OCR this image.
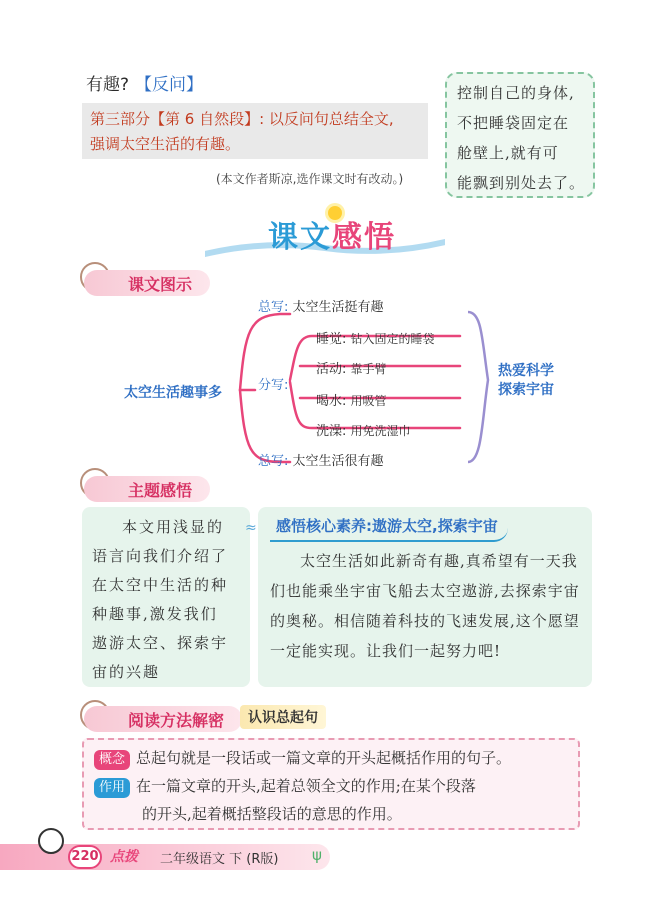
有趣? 【反问】
第三部分【第 6 自然段】: 以反问句总结全文,
强调太空生活的有趣。
(本文作者斯凉,选作课文时有改动。)
控制自己的身体,
不把睡袋固定在
舱壁上,就有可
能飘到别处去了。
课文感悟
课文图示
太空生活趣事多
总写: 太空生活挺有趣
分写:
睡觉: 钻入固定的睡袋
活动: 靠手臂
喝水: 用吸管
洗澡: 用免洗湿巾
总写: 太空生活很有趣
热爱科学
探索宇宙
主题感悟
本文用浅显的
语言向我们介绍了
在太空中生活的种
种趣事,激发我们
遨游太空、探索宇
宙的兴趣
≈	感悟核心素养:遨游太空,探索宇宙
太空生活如此新奇有趣,真希望有一天我们也能乘坐宇宙飞船去太空遨游,去探索宇宙的奥秘。相信随着科技的飞速发展,这个愿望一定能实现。让我们一起努力吧!
阅读方法解密	认识总起句
概念 总起句就是一段话或一篇文章的开头起概括作用的句子。
作用 在一篇文章的开头,起着总领全文的作用;在某个段落
的开头,起着概括整段话的意思的作用。
220 点拨 二年级语文 下 (R版) ψ
